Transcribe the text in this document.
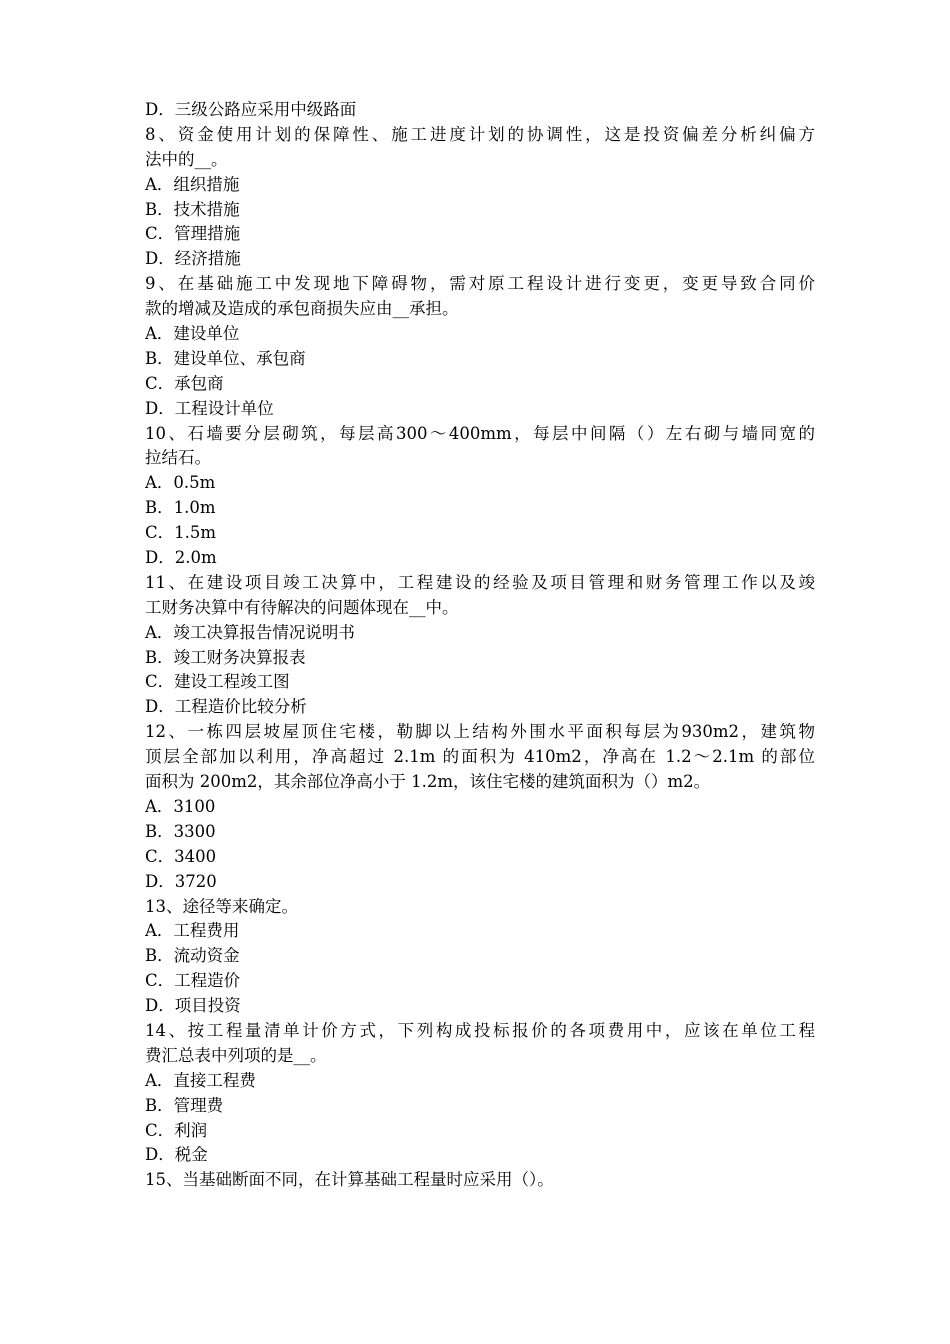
D．三级公路应采用中级路面
8、资金使用计划的保障性、施工进度计划的协调性，这是投资偏差分析纠偏方
法中的__。
A．组织措施
B．技术措施
C．管理措施
D．经济措施
9、在基础施工中发现地下障碍物，需对原工程设计进行变更，变更导致合同价
款的增减及造成的承包商损失应由__承担。
A．建设单位
B．建设单位、承包商
C．承包商
D．工程设计单位
10、石墙要分层砌筑，每层高300～400mm，每层中间隔（）左右砌与墙同宽的
拉结石。
A．0.5m
B．1.0m
C．1.5m
D．2.0m
11、在建设项目竣工决算中，工程建设的经验及项目管理和财务管理工作以及竣
工财务决算中有待解决的问题体现在__中。
A．竣工决算报告情况说明书
B．竣工财务决算报表
C．建设工程竣工图
D．工程造价比较分析
12、一栋四层坡屋顶住宅楼，勒脚以上结构外围水平面积每层为930m2，建筑物
顶层全部加以利用，净高超过 2.1m 的面积为 410m2，净高在 1.2～2.1m 的部位
面积为 200m2，其余部位净高小于 1.2m，该住宅楼的建筑面积为（）m2。
A．3100
B．3300
C．3400
D．3720
13、途径等来确定。
A．工程费用
B．流动资金
C．工程造价
D．项目投资
14、按工程量清单计价方式，下列构成投标报价的各项费用中，应该在单位工程
费汇总表中列项的是__。
A．直接工程费
B．管理费
C．利润
D．税金
15、当基础断面不同，在计算基础工程量时应采用（）。
